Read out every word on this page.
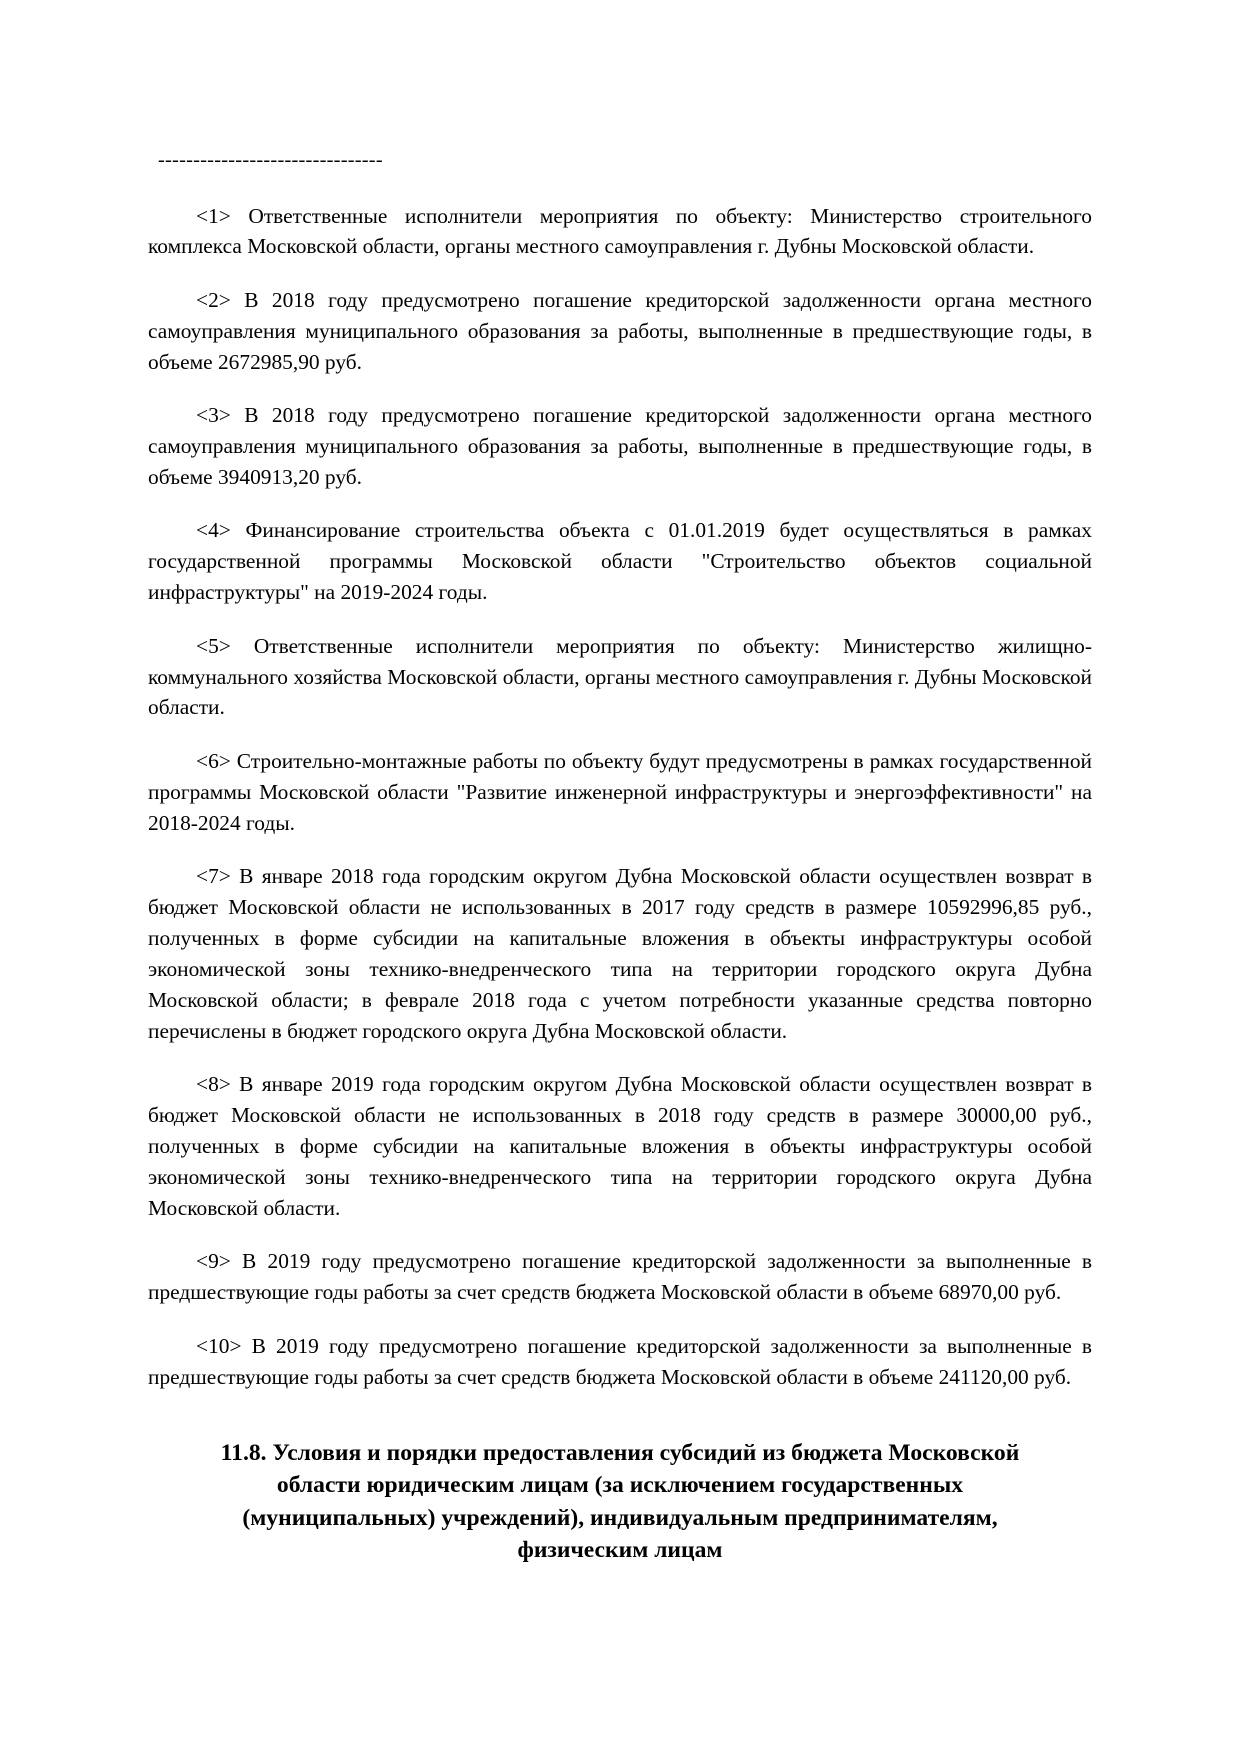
--------------------------------

<1> Ответственные исполнители мероприятия по объекту: Министерство строительного комплекса Московской области, органы местного самоуправления г. Дубны Московской области.

<2> В 2018 году предусмотрено погашение кредиторской задолженности органа местного самоуправления муниципального образования за работы, выполненные в предшествующие годы, в объеме 2672985,90 руб.

<3> В 2018 году предусмотрено погашение кредиторской задолженности органа местного самоуправления муниципального образования за работы, выполненные в предшествующие годы, в объеме 3940913,20 руб.

<4> Финансирование строительства объекта с 01.01.2019 будет осуществляться в рамках государственной программы Московской области "Строительство объектов социальной инфраструктуры" на 2019-2024 годы.

<5> Ответственные исполнители мероприятия по объекту: Министерство жилищно-коммунального хозяйства Московской области, органы местного самоуправления г. Дубны Московской области.

<6> Строительно-монтажные работы по объекту будут предусмотрены в рамках государственной программы Московской области "Развитие инженерной инфраструктуры и энергоэффективности" на 2018-2024 годы.

<7> В январе 2018 года городским округом Дубна Московской области осуществлен возврат в бюджет Московской области не использованных в 2017 году средств в размере 10592996,85 руб., полученных в форме субсидии на капитальные вложения в объекты инфраструктуры особой экономической зоны технико-внедренческого типа на территории городского округа Дубна Московской области; в феврале 2018 года с учетом потребности указанные средства повторно перечислены в бюджет городского округа Дубна Московской области.

<8> В январе 2019 года городским округом Дубна Московской области осуществлен возврат в бюджет Московской области не использованных в 2018 году средств в размере 30000,00 руб., полученных в форме субсидии на капитальные вложения в объекты инфраструктуры особой экономической зоны технико-внедренческого типа на территории городского округа Дубна Московской области.

<9> В 2019 году предусмотрено погашение кредиторской задолженности за выполненные в предшествующие годы работы за счет средств бюджета Московской области в объеме 68970,00 руб.

<10> В 2019 году предусмотрено погашение кредиторской задолженности за выполненные в предшествующие годы работы за счет средств бюджета Московской области в объеме 241120,00 руб.

11.8. Условия и порядки предоставления субсидий из бюджета Московской области юридическим лицам (за исключением государственных (муниципальных) учреждений), индивидуальным предпринимателям, физическим лицам
